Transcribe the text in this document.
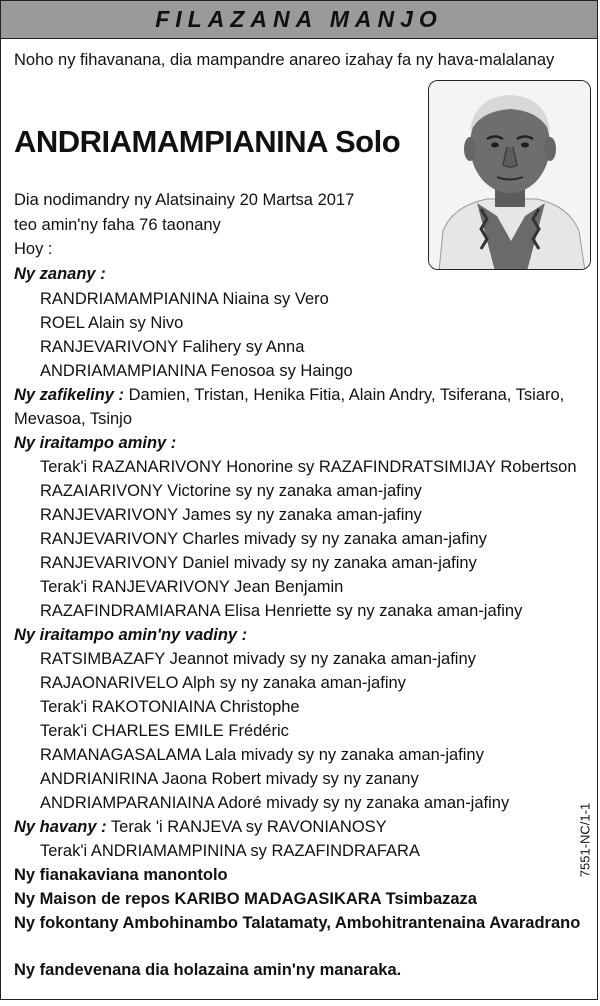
FILAZANA MANJO
Noho ny fihavanana, dia mampandre anareo izahay fa ny hava-malalanay
ANDRIAMAMPIANINA Solo
Dia nodimandry ny Alatsinainy 20 Martsa 2017
teo amin'ny faha 76 taonany
Hoy :
Ny zanany :
RANDRIAMAMPIANINA Niaina sy Vero
ROEL Alain sy Nivo
RANJEVARIVONY Falihery sy Anna
ANDRIAMAMPIANINA Fenosoa sy Haingo
Ny zafikeliny : Damien, Tristan, Henika Fitia, Alain Andry, Tsiferana, Tsiaro,
Mevasoa, Tsinjo
Ny iraitampo aminy :
Terak'i RAZANARIVONY Honorine sy RAZAFINDRATSIMIJAY Robertson
RAZAIARIVONY Victorine sy ny zanaka aman-jafiny
RANJEVARIVONY James sy ny zanaka aman-jafiny
RANJEVARIVONY Charles mivady sy ny zanaka aman-jafiny
RANJEVARIVONY Daniel mivady sy ny zanaka aman-jafiny
Terak'i RANJEVARIVONY Jean Benjamin
RAZAFINDRAMIARANA Elisa Henriette sy ny zanaka aman-jafiny
Ny iraitampo amin'ny vadiny :
RATSIMBAZAFY Jeannot mivady sy ny zanaka aman-jafiny
RAJAONARIVELO Alph sy ny zanaka aman-jafiny
Terak'i RAKOTONIAINA Christophe
Terak'i CHARLES EMILE Frédéric
RAMANAGASALAMA Lala mivady sy ny zanaka aman-jafiny
ANDRIANIRINA Jaona Robert mivady sy ny zanany
ANDRIAMPARANIAINA Adoré mivady sy ny zanaka aman-jafiny
Ny havany : Terak 'i RANJEVA sy RAVONIANOSY
Terak'i ANDRIAMAMPININA sy RAZAFINDRAFARA
Ny fianakaviana manontolo
Ny Maison de repos KARIBO MADAGASIKARA Tsimbazaza
Ny fokontany Ambohinambo Talatamaty, Ambohitrantenaina Avaradrano
Ny fandevenana dia holazaina amin'ny manaraka.
7551-NC/1-1
